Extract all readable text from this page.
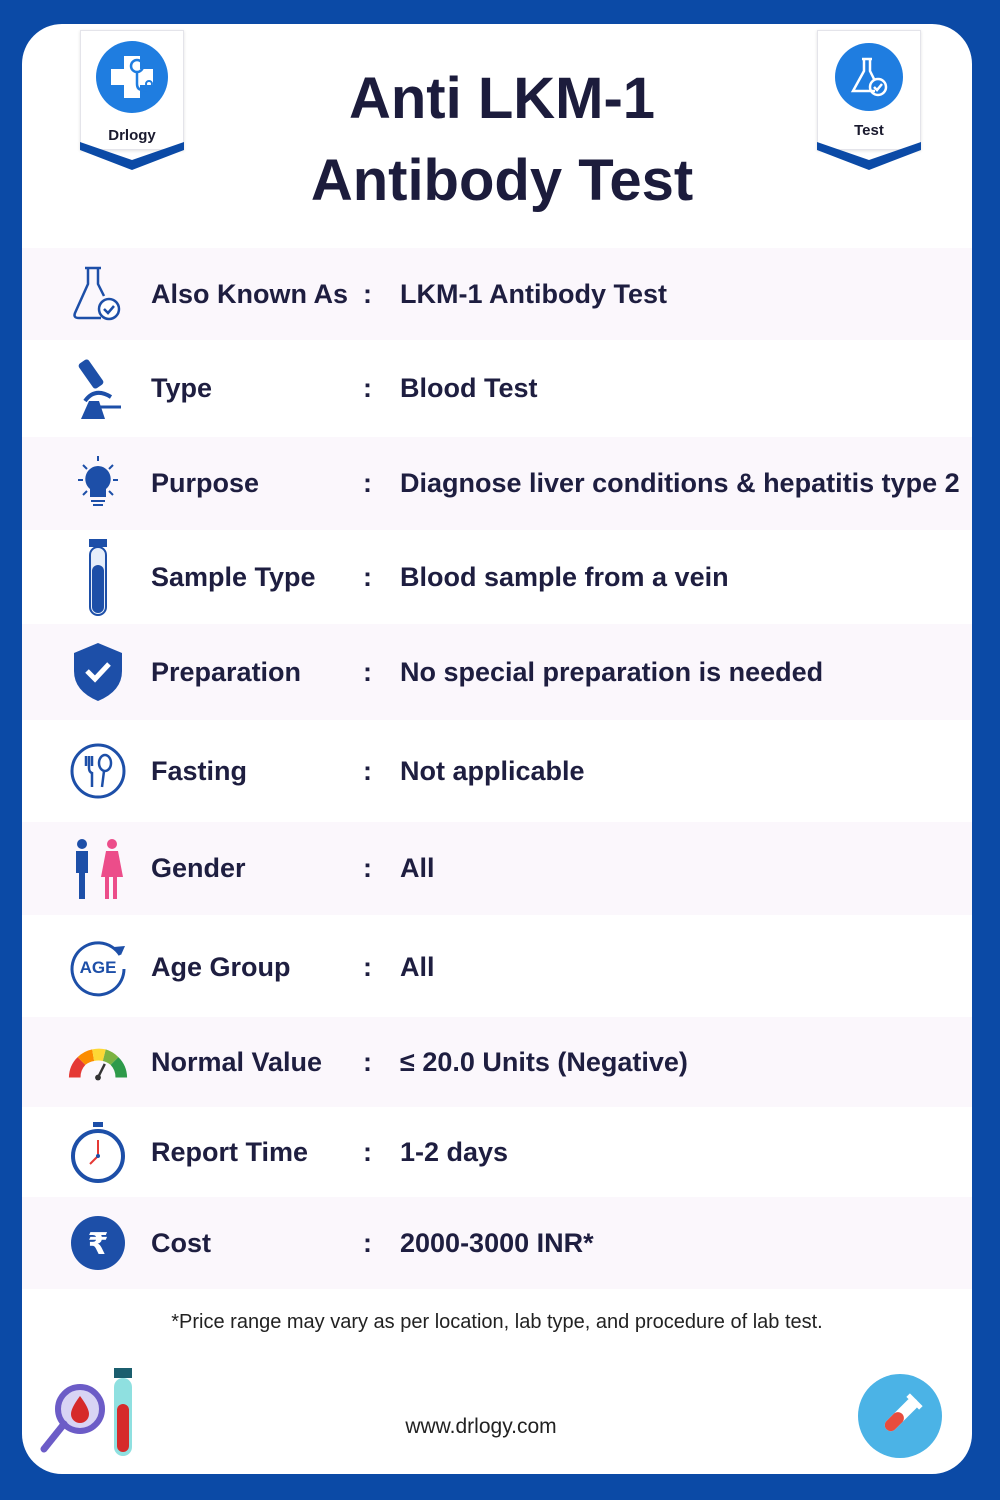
Drlogy	Test
Anti LKM-1
Antibody Test
Also Known As : LKM-1 Antibody Test
Type	: Blood Test
Purpose	: Diagnose liver conditions & hepatitis type 2
Sample Type : Blood sample from a vein
Preparation : No special preparation is needed
Fasting	: Not applicable
Gender	: All
AGE Age Group	: All
Normal Value : ≤ 20.0 Units (Negative)
Report Time : 1-2 days
₹ Cost	: 2000-3000 INR*
*Price range may vary as per location, lab type, and procedure of lab test.
www.drlogy.com
